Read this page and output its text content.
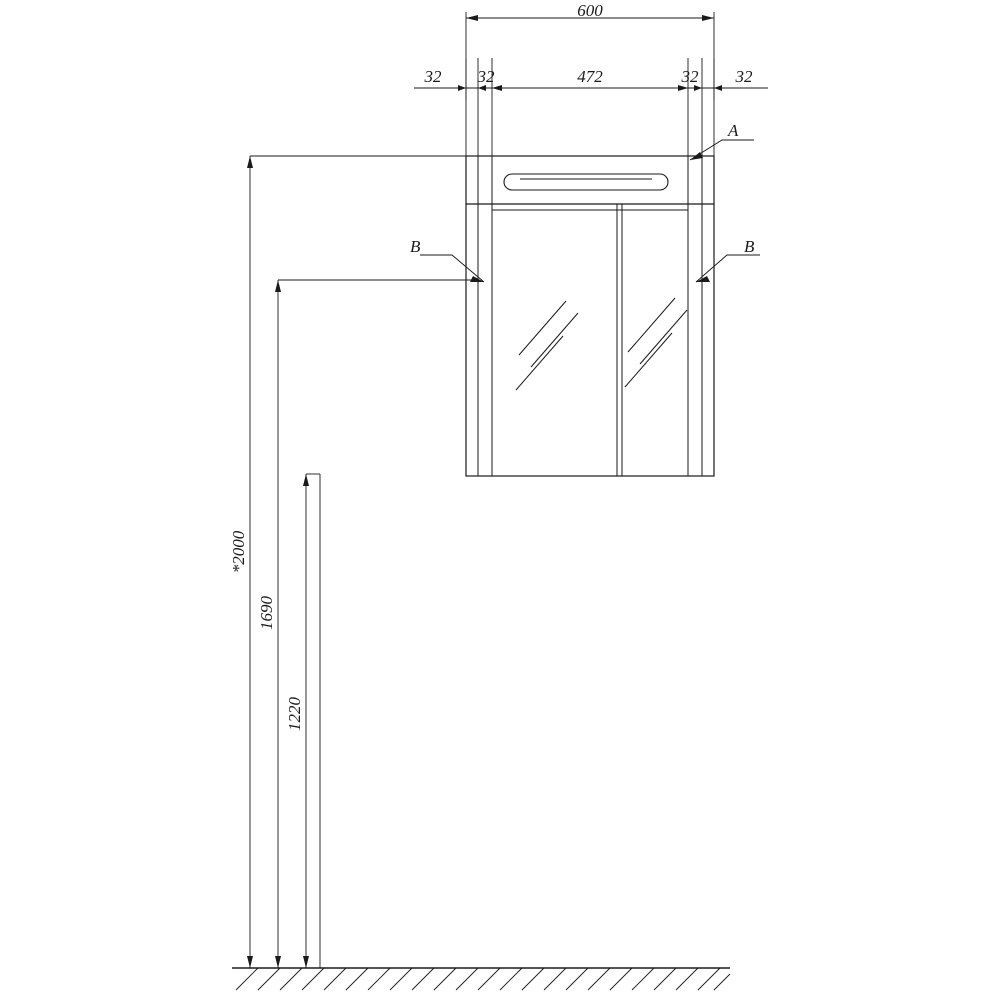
600
32 32	472	32 32
*2000
1690
1220
A
B	B
